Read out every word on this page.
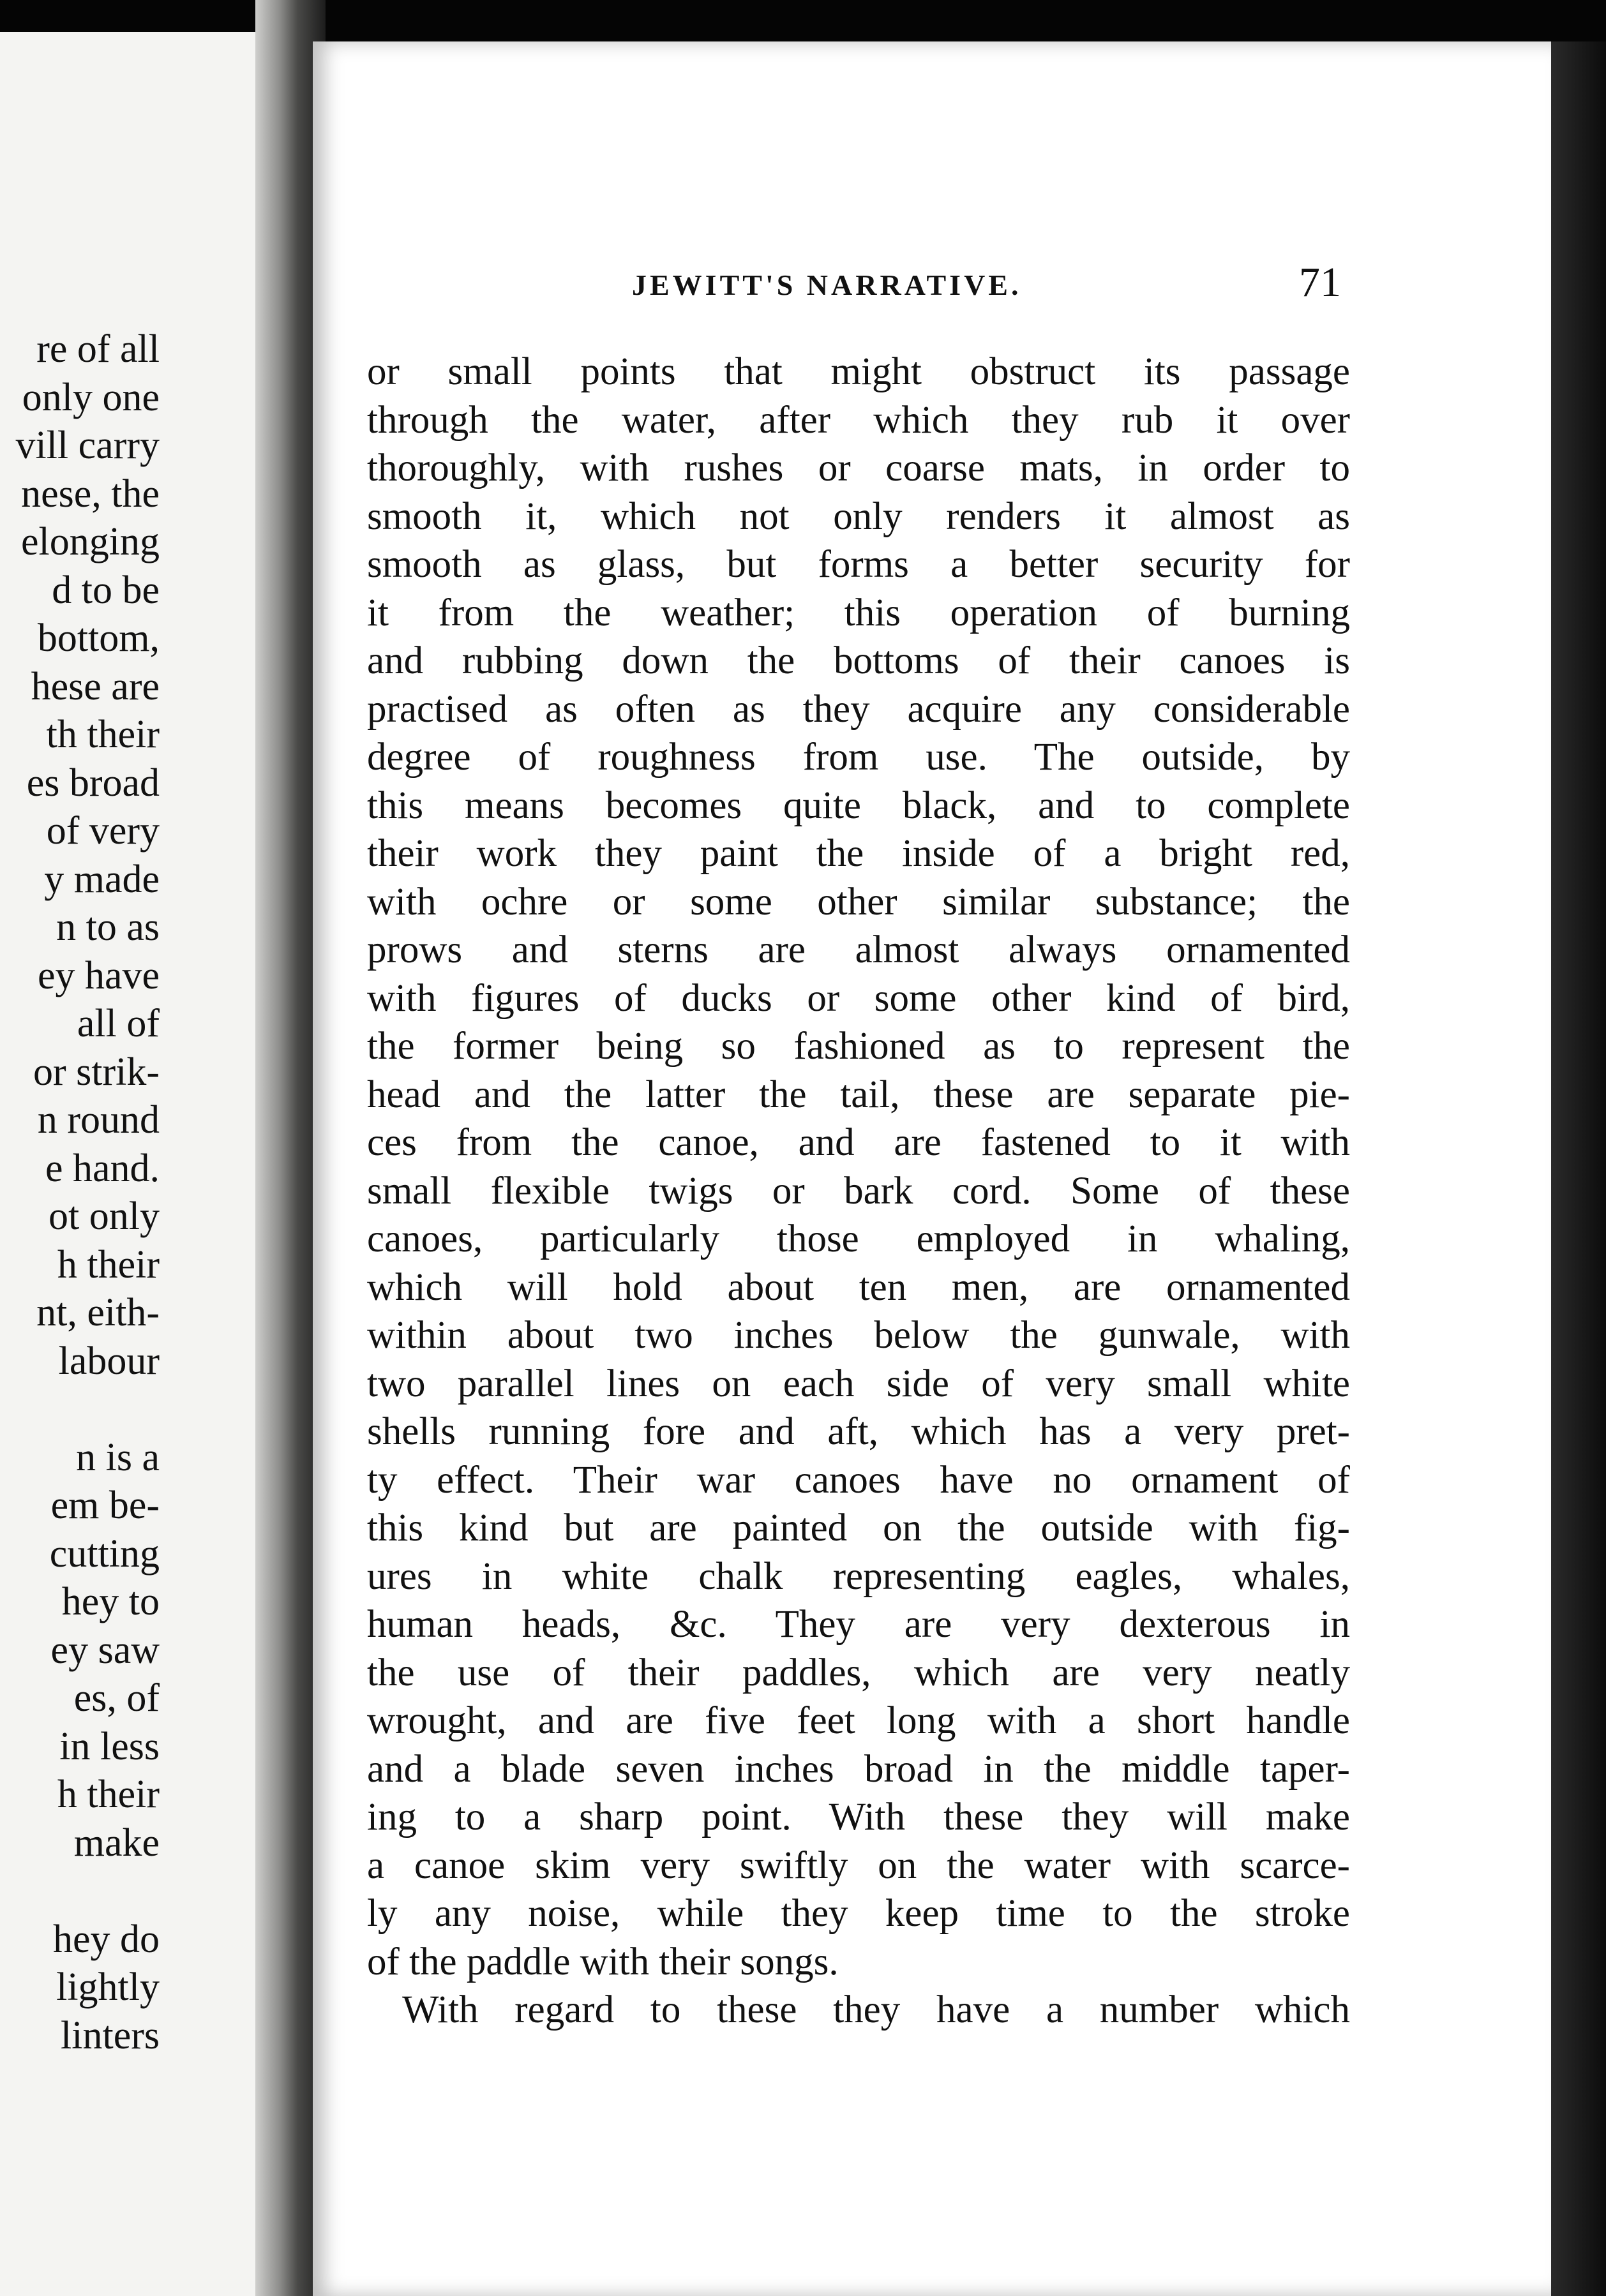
re of all
only one
vill carry
nese, the
elonging
d to be
bottom,
hese are
th their
es broad
of very
y made
n to as
ey have
all of
or strik-
n round
e hand.
ot only
h their
nt, eith-
labour
n is a
em be-
cutting
hey to
ey saw
es, of
in less
h their
make
hey do
lightly
linters
JEWITT'S NARRATIVE.	71
or small points that might obstruct its passage
through the water, after which they rub it over
thoroughly, with rushes or coarse mats, in order to
smooth it, which not only renders it almost as
smooth as glass, but forms a better security for
it from the weather; this operation of burning
and rubbing down the bottoms of their canoes is
practised as often as they acquire any considerable
degree of roughness from use. The outside, by
this means becomes quite black, and to complete
their work they paint the inside of a bright red,
with ochre or some other similar substance; the
prows and sterns are almost always ornamented
with figures of ducks or some other kind of bird,
the former being so fashioned as to represent the
head and the latter the tail, these are separate pie-
ces from the canoe, and are fastened to it with
small flexible twigs or bark cord. Some of these
canoes, particularly those employed in whaling,
which will hold about ten men, are ornamented
within about two inches below the gunwale, with
two parallel lines on each side of very small white
shells running fore and aft, which has a very pret-
ty effect. Their war canoes have no ornament of
this kind but are painted on the outside with fig-
ures in white chalk representing eagles, whales,
human heads, &c. They are very dexterous in
the use of their paddles, which are very neatly
wrought, and are five feet long with a short handle
and a blade seven inches broad in the middle taper-
ing to a sharp point. With these they will make
a canoe skim very swiftly on the water with scarce-
ly any noise, while they keep time to the stroke
of the paddle with their songs.
With regard to these they have a number which
